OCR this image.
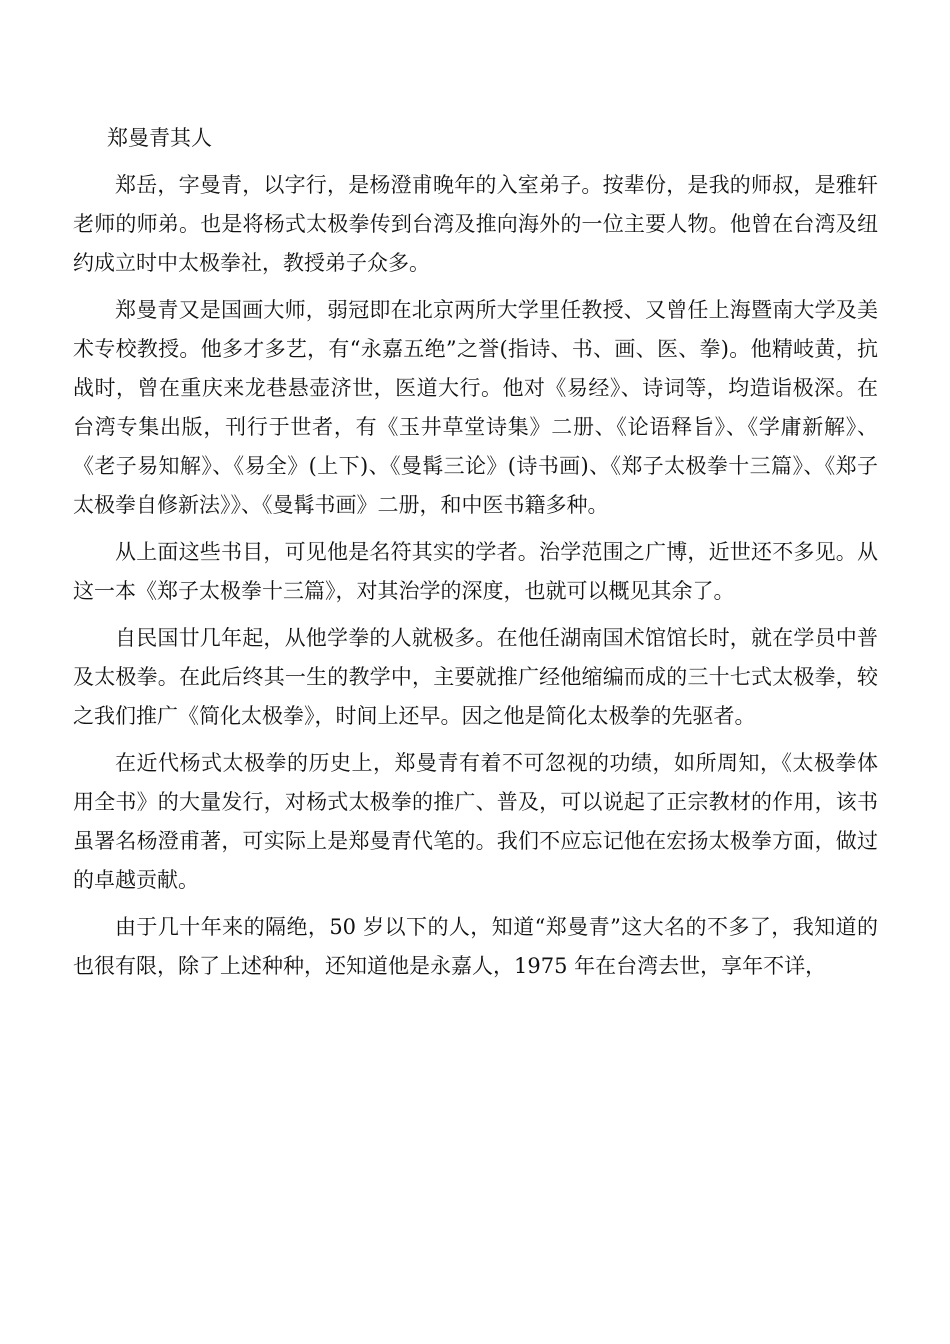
郑曼青其人

郑岳，字曼青，以字行，是杨澄甫晚年的入室弟子。按辈份，是我的师叔，是雅轩老师的师弟。也是将杨式太极拳传到台湾及推向海外的一位主要人物。他曾在台湾及纽约成立时中太极拳社，教授弟子众多。

郑曼青又是国画大师，弱冠即在北京两所大学里任教授、又曾任上海暨南大学及美术专校教授。他多才多艺，有“永嘉五绝”之誉(指诗、书、画、医、拳)。他精岐黄，抗战时，曾在重庆来龙巷悬壶济世，医道大行。他对《易经》、诗词等，均造诣极深。在台湾专集出版，刊行于世者，有《玉井草堂诗集》二册、《论语释旨》、《学庸新解》、《老子易知解》、《易全》(上下)、《曼髯三论》(诗书画)、《郑子太极拳十三篇》、《郑子太极拳自修新法》》、《曼髯书画》二册，和中医书籍多种。

从上面这些书目，可见他是名符其实的学者。治学范围之广博，近世还不多见。从这一本《郑子太极拳十三篇》，对其治学的深度，也就可以概见其余了。

自民国廿几年起，从他学拳的人就极多。在他任湖南国术馆馆长时，就在学员中普及太极拳。在此后终其一生的教学中，主要就推广经他缩编而成的三十七式太极拳，较之我们推广《简化太极拳》，时间上还早。因之他是简化太极拳的先驱者。

在近代杨式太极拳的历史上，郑曼青有着不可忽视的功绩，如所周知，《太极拳体用全书》的大量发行，对杨式太极拳的推广、普及，可以说起了正宗教材的作用，该书虽署名杨澄甫著，可实际上是郑曼青代笔的。我们不应忘记他在宏扬太极拳方面，做过的卓越贡献。

由于几十年来的隔绝，50 岁以下的人，知道“郑曼青”这大名的不多了，我知道的也很有限，除了上述种种，还知道他是永嘉人，1975 年在台湾去世，享年不详，
